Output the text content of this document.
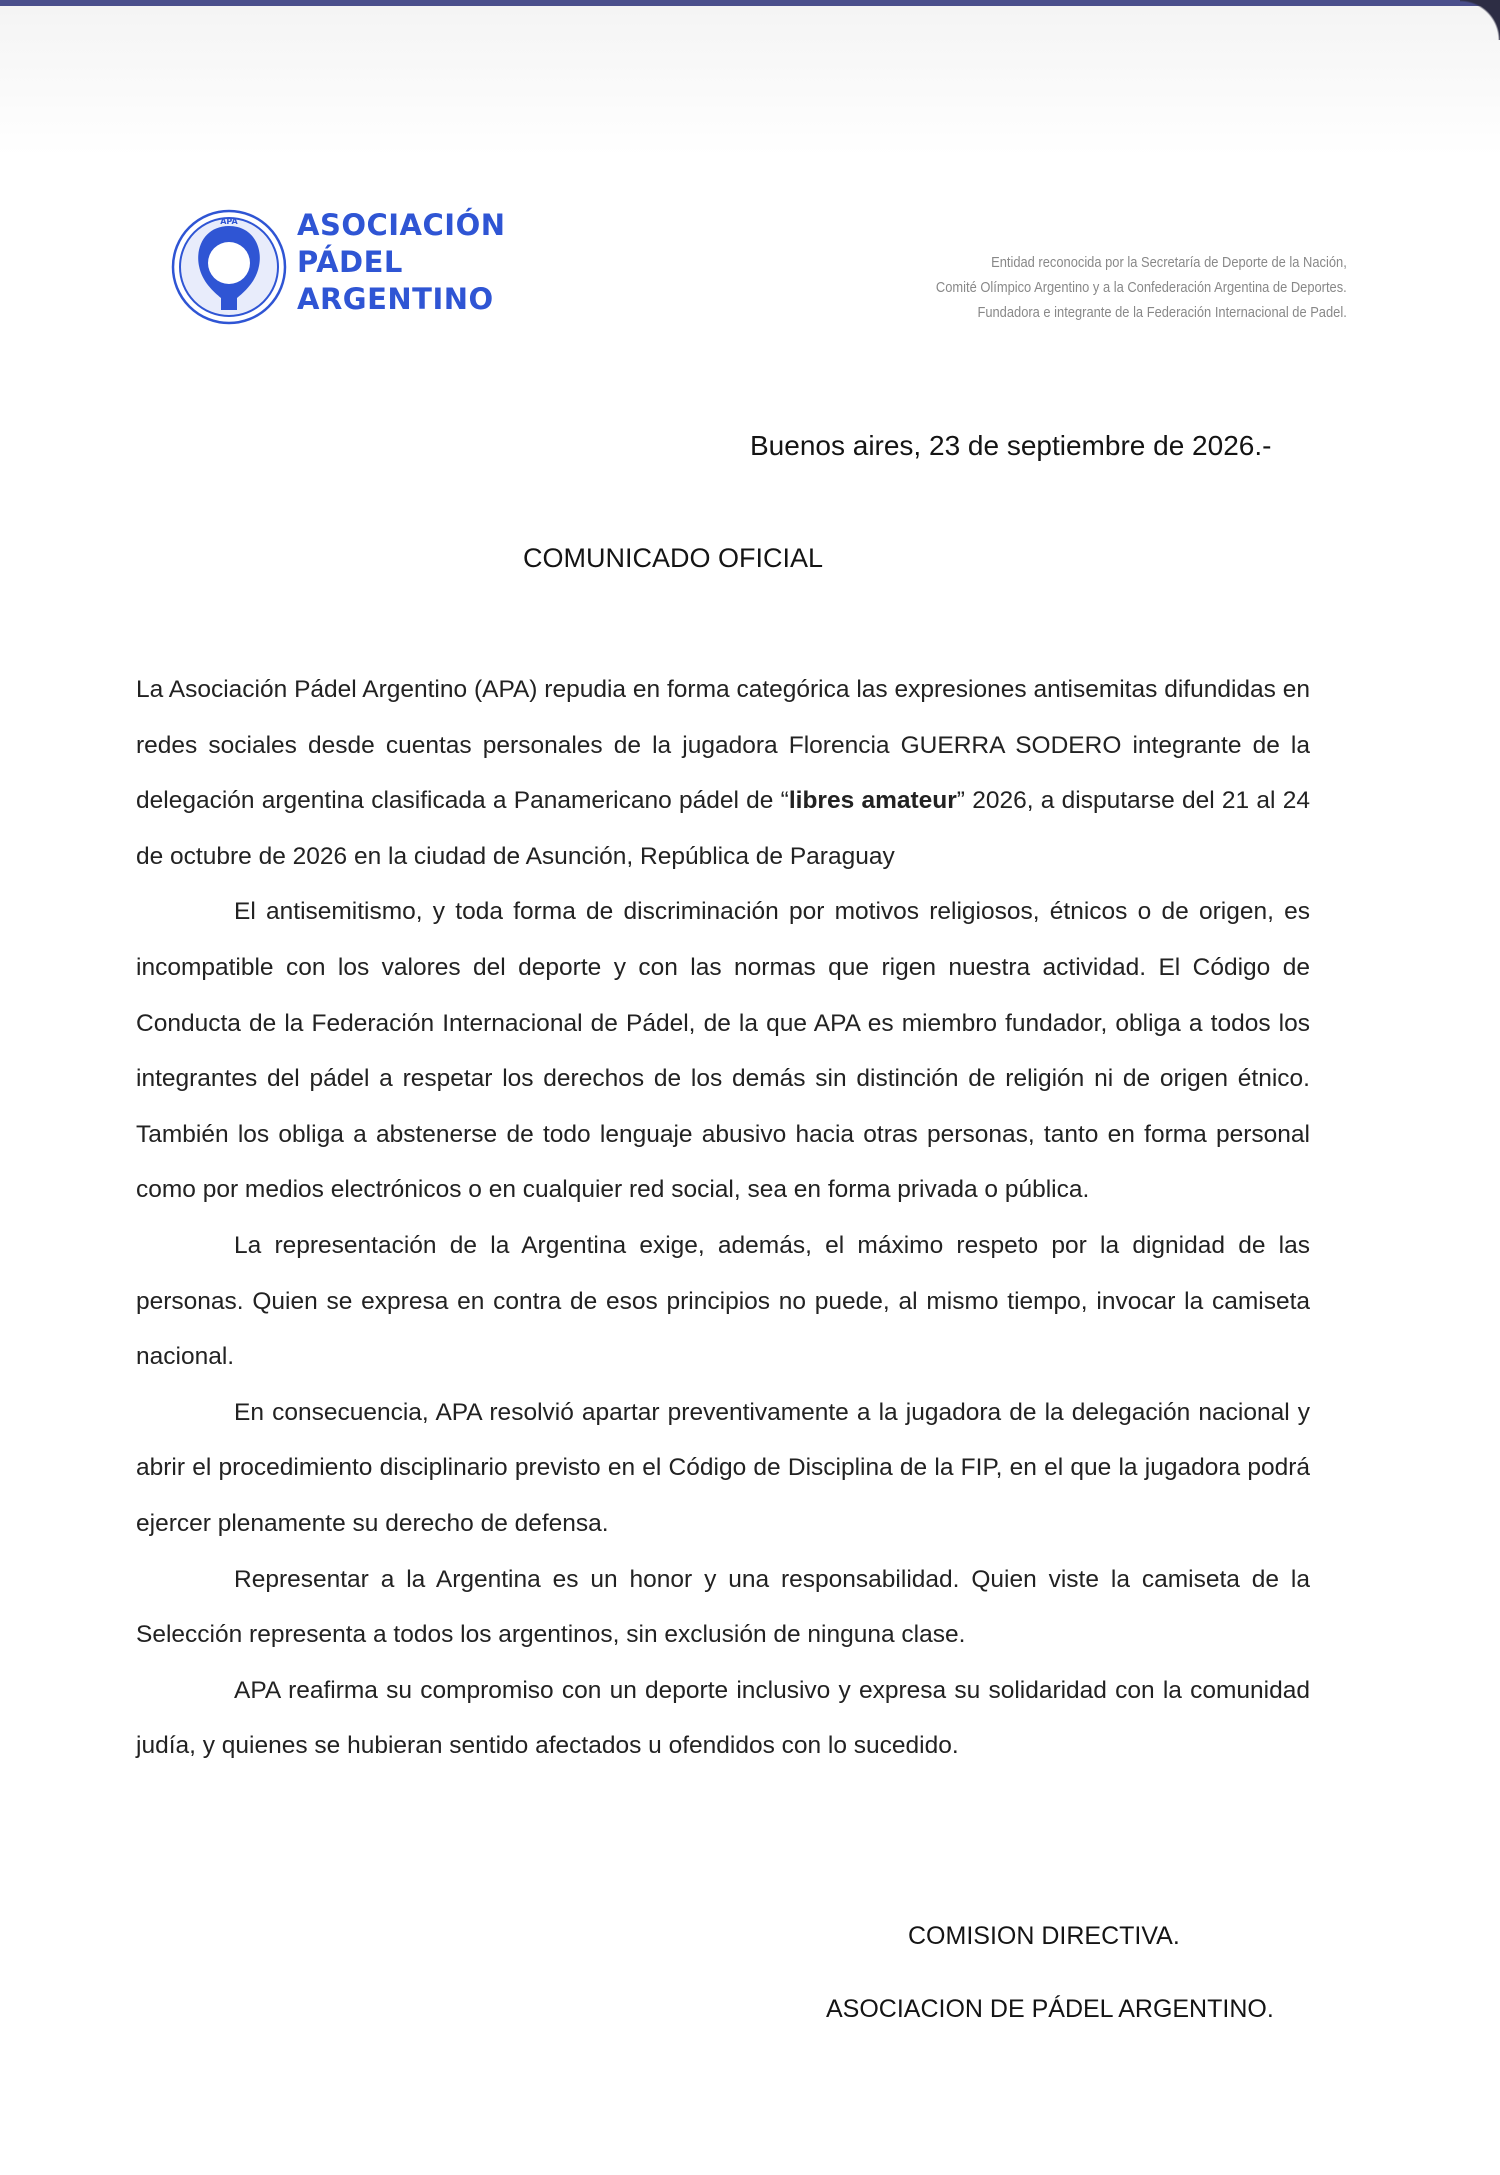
APA ASOCIACIÓN
PÁDEL
ARGENTINO
Entidad reconocida por la Secretaría de Deporte de la Nación,
Comité Olímpico Argentino y a la Confederación Argentina de Deportes.
Fundadora e integrante de la Federación Internacional de Padel.
Buenos aires, 23 de septiembre de 2026.-
COMUNICADO OFICIAL

La Asociación Pádel Argentino (APA) repudia en forma categórica las expresiones antisemitas difundidas en redes sociales desde cuentas personales de la jugadora Florencia GUERRA SODERO integrante de la delegación argentina clasificada a Panamericano pádel de “libres amateur” 2026, a disputarse del 21 al 24 de octubre de 2026 en la ciudad de Asunción, República de Paraguay

El antisemitismo, y toda forma de discriminación por motivos religiosos, étnicos o de origen, es incompatible con los valores del deporte y con las normas que rigen nuestra actividad. El Código de Conducta de la Federación Internacional de Pádel, de la que APA es miembro fundador, obliga a todos los integrantes del pádel a respetar los derechos de los demás sin distinción de religión ni de origen étnico. También los obliga a abstenerse de todo lenguaje abusivo hacia otras personas, tanto en forma personal como por medios electrónicos o en cualquier red social, sea en forma privada o pública.

La representación de la Argentina exige, además, el máximo respeto por la dignidad de las personas. Quien se expresa en contra de esos principios no puede, al mismo tiempo, invocar la camiseta nacional.

En consecuencia, APA resolvió apartar preventivamente a la jugadora de la delegación nacional y abrir el procedimiento disciplinario previsto en el Código de Disciplina de la FIP, en el que la jugadora podrá ejercer plenamente su derecho de defensa.

Representar a la Argentina es un honor y una responsabilidad. Quien viste la camiseta de la Selección representa a todos los argentinos, sin exclusión de ninguna clase.

APA reafirma su compromiso con un deporte inclusivo y expresa su solidaridad con la comunidad judía, y quienes se hubieran sentido afectados u ofendidos con lo sucedido.

COMISION DIRECTIVA.
ASOCIACION DE PÁDEL ARGENTINO.
